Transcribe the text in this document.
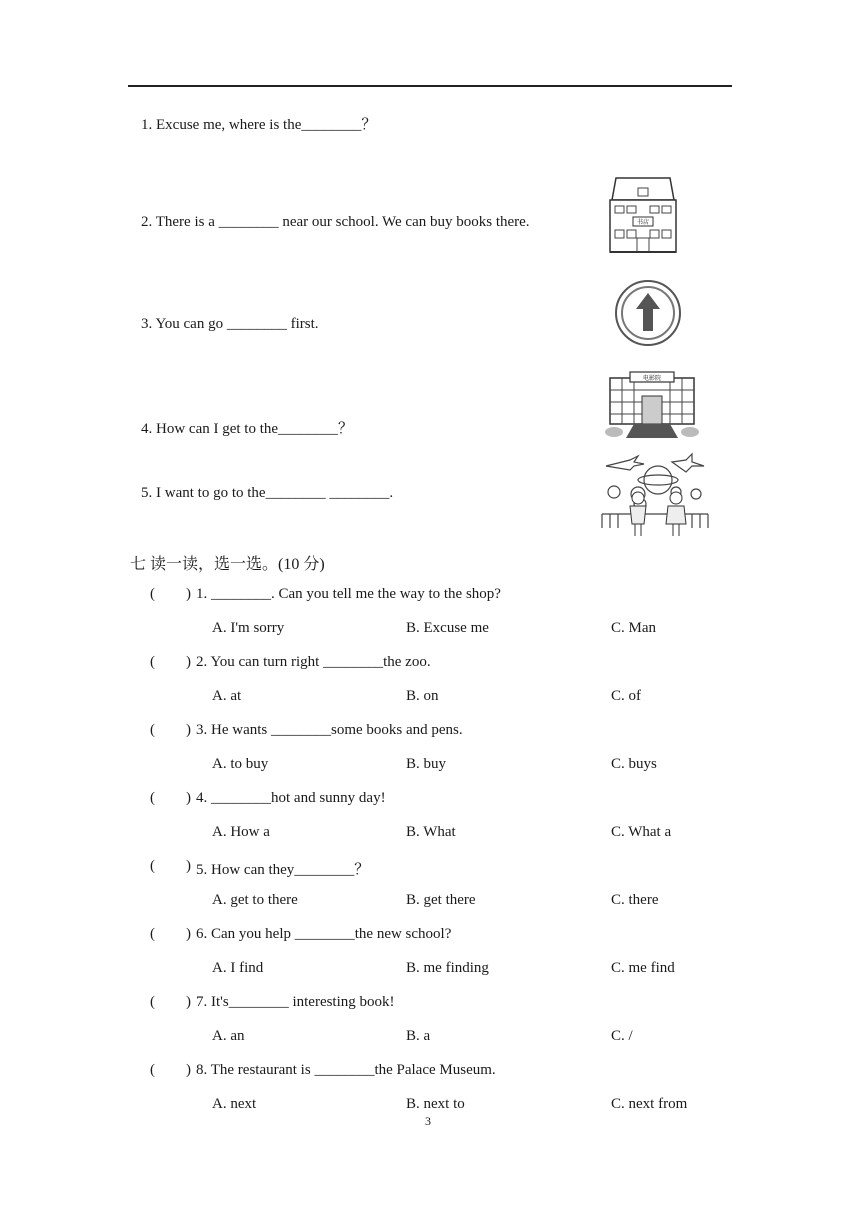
1. Excuse me, where is the________？
2. There is a ________ near our school. We can buy books there.
3. You can go ________ first.
4. How can I get to the________？
5. I want to go to the________ ________.
书店
电影院
七 读一读，选一选。(10 分)
( ) 1. ________. Can you tell me the way to the shop?
A. I'm sorry	B. Excuse me	C. Man
( ) 2. You can turn right ________the zoo.
A. at	B. on	C. of
( ) 3. He wants ________some books and pens.
A. to buy	B. buy	C. buys
( ) 4. ________hot and sunny day!
A. How a	B. What	C. What a
( ) 5. How can they________？
A. get to there	B. get there	C. there
( ) 6. Can you help ________the new school?
A. I find	B. me finding	C. me find
( ) 7. It's________ interesting book!
A. an	B. a	C. /
( ) 8. The restaurant is ________the Palace Museum.
A. next	B. next to	C. next from
3
